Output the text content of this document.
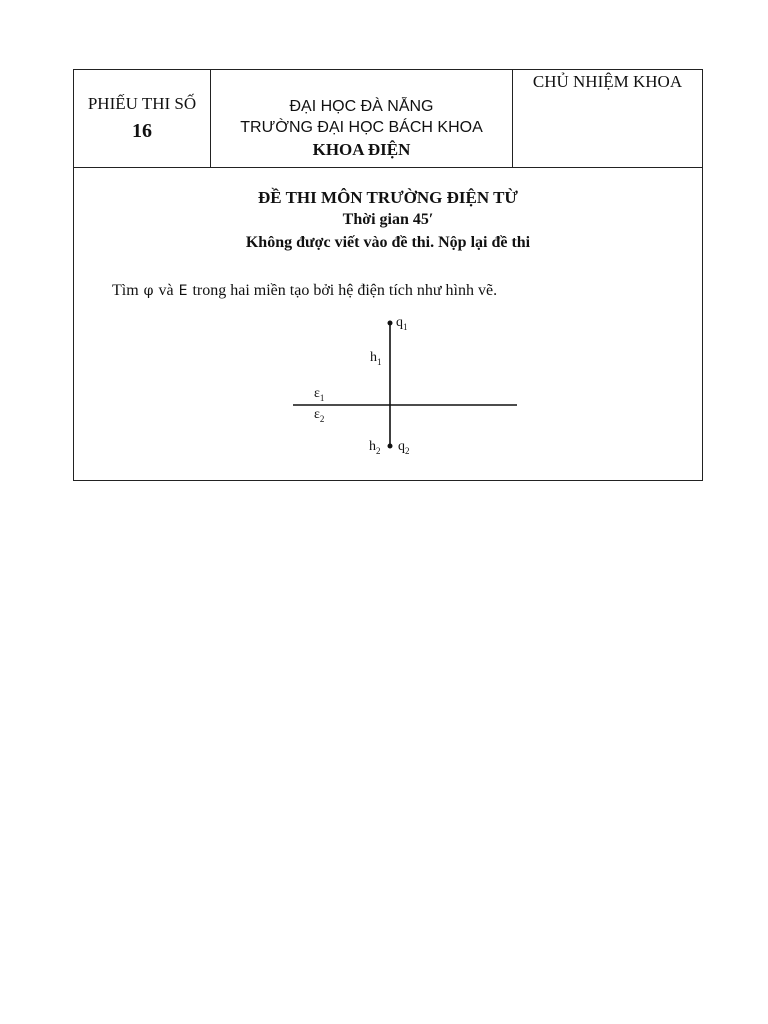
PHIẾU THI SỐ
16
ĐẠI HỌC ĐÀ NẴNG
TRƯỜNG ĐẠI HỌC BÁCH KHOA
KHOA ĐIỆN
CHỦ NHIỆM KHOA
ĐỀ THI MÔN TRƯỜNG ĐIỆN TỪ
Thời gian 45′
Không được viết vào đề thi. Nộp lại đề thi
Tìm φ và E trong hai miền tạo bởi hệ điện tích như hình vẽ.
$q_1$
$h_1$
$\varepsilon_1$
$\varepsilon_2$
$h_2$ $q_2$
